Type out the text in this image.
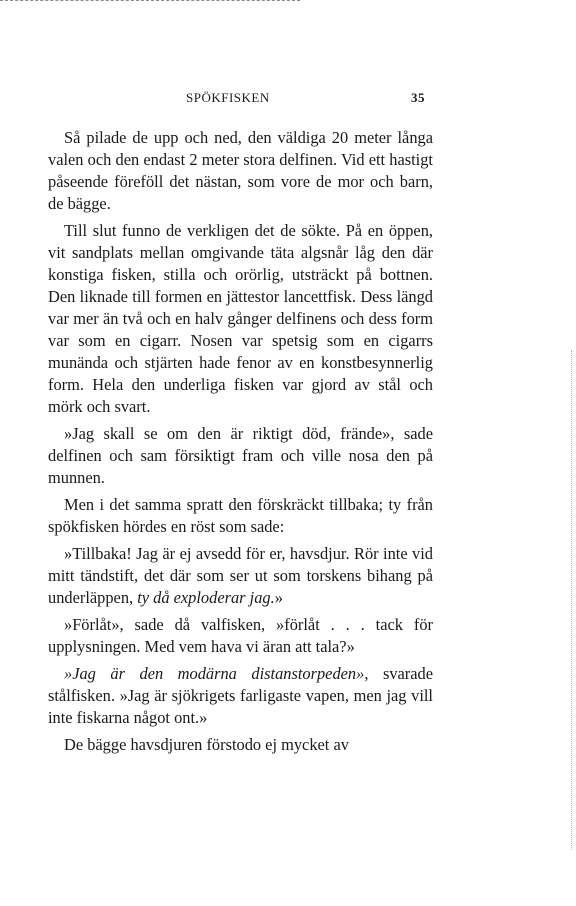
SPÖKFISKEN	35

Så pilade de upp och ned, den väldiga 20 meter långa valen och den endast 2 meter stora delfinen. Vid ett hastigt påseende föreföll det nästan, som vore de mor och barn, de bägge.

Till slut funno de verkligen det de sökte. På en öppen, vit sandplats mellan omgivande täta algsnår låg den där konstiga fisken, stilla och orörlig, utsträckt på bottnen. Den liknade till formen en jättestor lancettfisk. Dess längd var mer än två och en halv gånger delfinens och dess form var som en cigarr. Nosen var spetsig som en cigarrs munända och stjärten hade fenor av en konstbesynnerlig form. Hela den underliga fisken var gjord av stål och mörk och svart.

»Jag skall se om den är riktigt död, frände», sade delfinen och sam försiktigt fram och ville nosa den på munnen.

Men i det samma spratt den förskräckt tillbaka; ty från spökfisken hördes en röst som sade:

»Tillbaka! Jag är ej avsedd för er, havsdjur. Rör inte vid mitt tändstift, det där som ser ut som torskens bihang på underläppen, ty då exploderar jag.»

»Förlåt», sade då valfisken, »förlåt . . . tack för upplysningen. Med vem hava vi äran att tala?»

»Jag är den modärna distanstorpeden», svarade stålfisken. »Jag är sjökrigets farligaste vapen, men jag vill inte fiskarna något ont.»

De bägge havsdjuren förstodo ej mycket av
